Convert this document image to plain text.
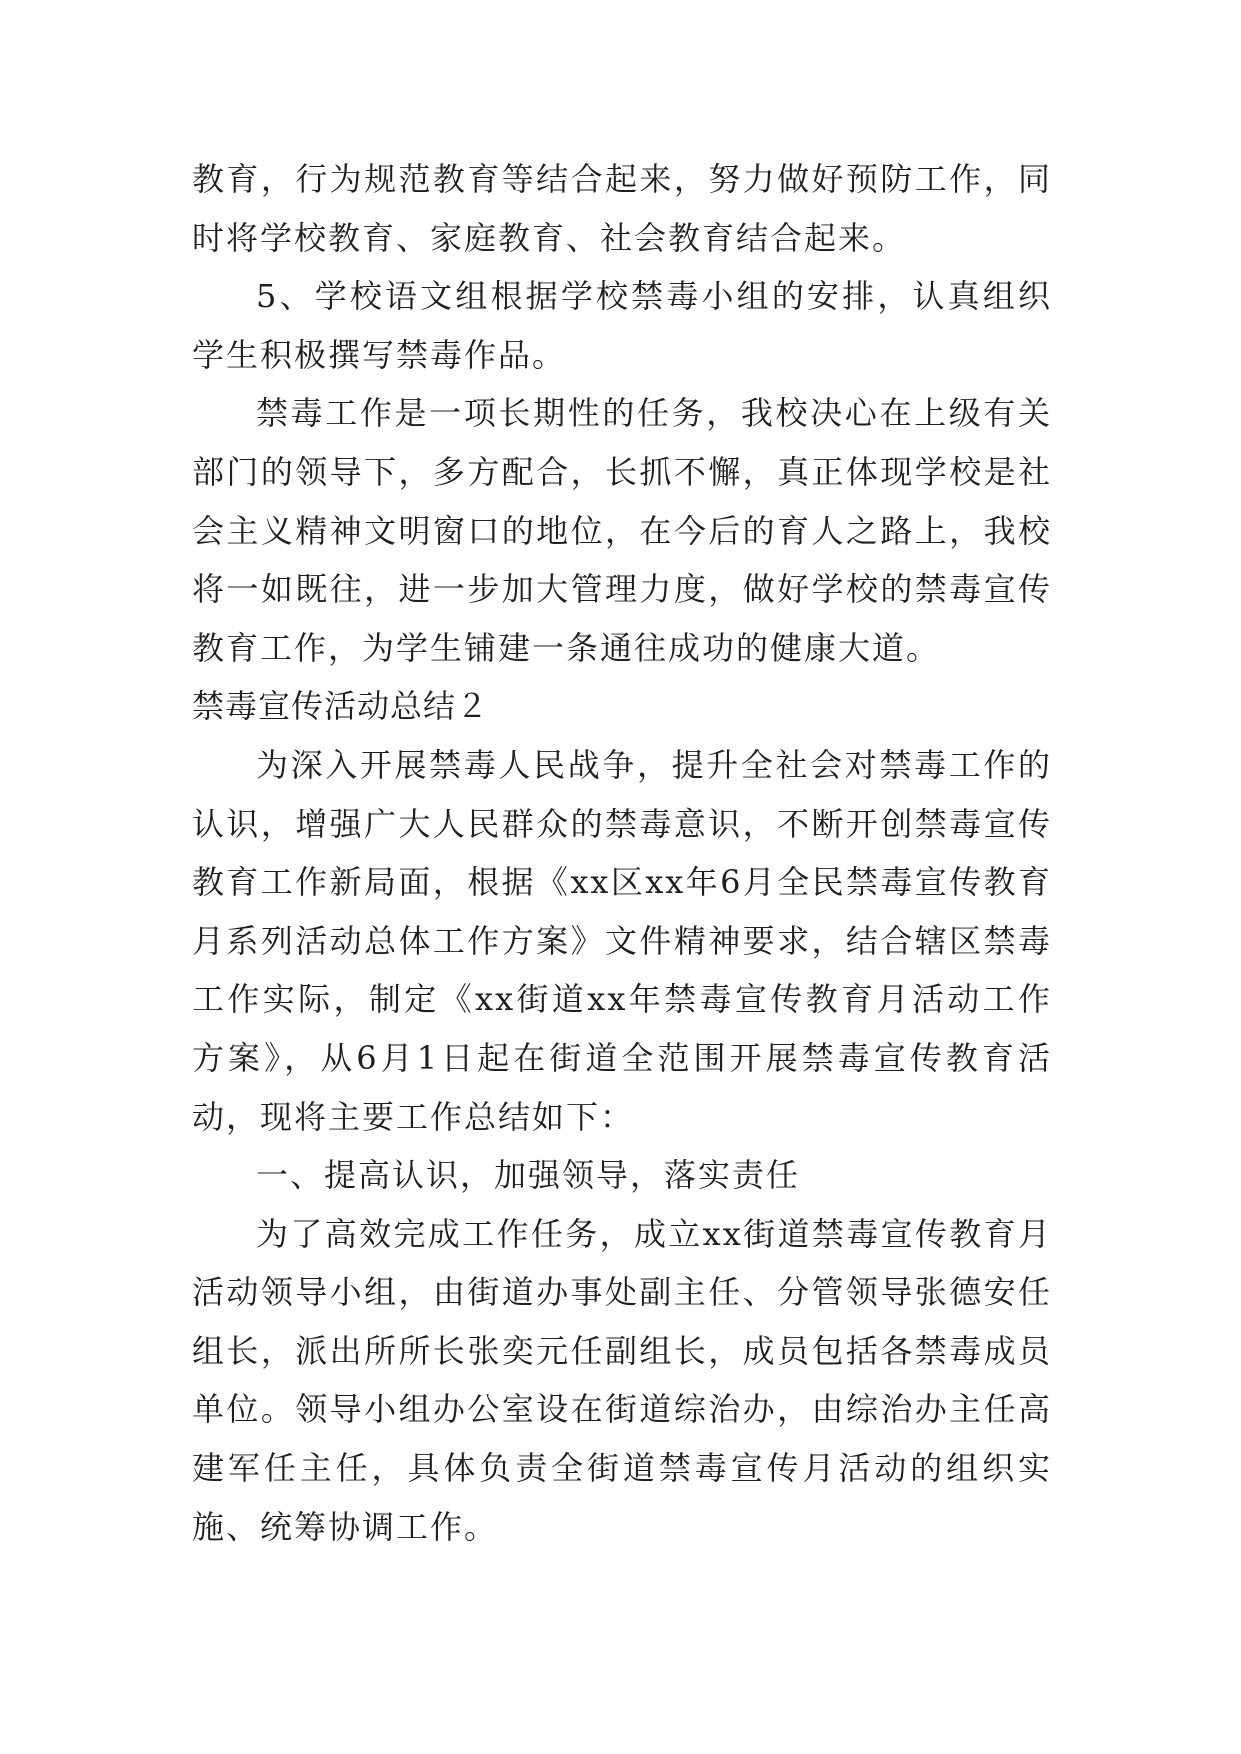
教育，行为规范教育等结合起来，努力做好预防工作，同时将学校教育、家庭教育、社会教育结合起来。

5、学校语文组根据学校禁毒小组的安排，认真组织学生积极撰写禁毒作品。

禁毒工作是一项长期性的任务，我校决心在上级有关部门的领导下，多方配合，长抓不懈，真正体现学校是社会主义精神文明窗口的地位，在今后的育人之路上，我校将一如既往，进一步加大管理力度，做好学校的禁毒宣传教育工作，为学生铺建一条通往成功的健康大道。

禁毒宣传活动总结２

为深入开展禁毒人民战争，提升全社会对禁毒工作的认识，增强广大人民群众的禁毒意识，不断开创禁毒宣传教育工作新局面，根据《xx区xx年6月全民禁毒宣传教育月系列活动总体工作方案》文件精神要求，结合辖区禁毒工作实际，制定《xx街道xx年禁毒宣传教育月活动工作方案》，从6月1日起在街道全范围开展禁毒宣传教育活动，现将主要工作总结如下：

一、提高认识，加强领导，落实责任

为了高效完成工作任务，成立xx街道禁毒宣传教育月活动领导小组，由街道办事处副主任、分管领导张德安任组长，派出所所长张奕元任副组长，成员包括各禁毒成员单位。领导小组办公室设在街道综治办，由综治办主任高建军任主任，具体负责全街道禁毒宣传月活动的组织实施、统筹协调工作。
